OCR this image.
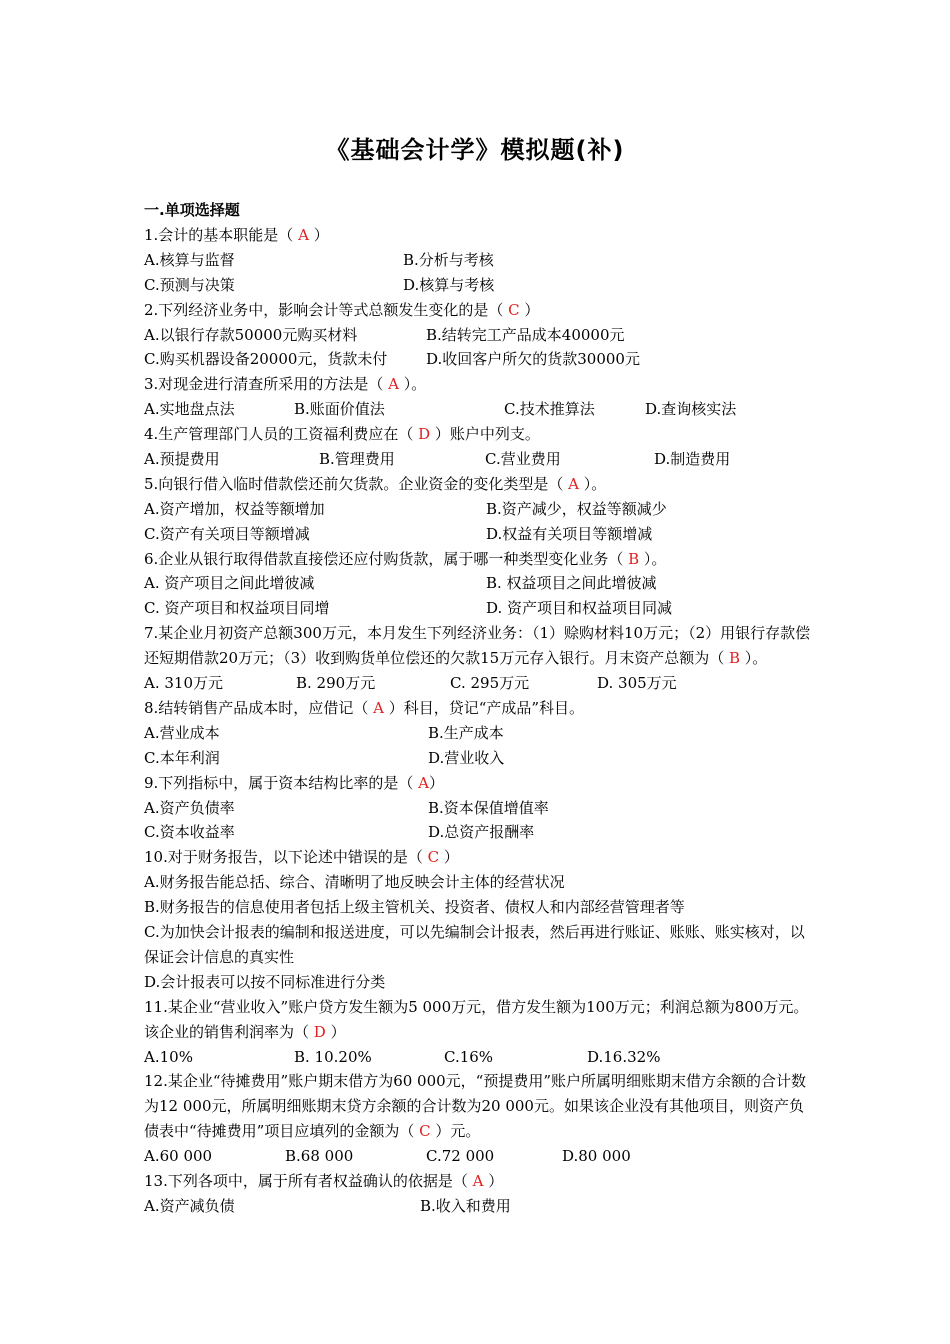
《基础会计学》模拟题(补)
一.单项选择题
1.会计的基本职能是（ A ）
A.核算与监督	B.分析与考核
C.预测与决策	D.核算与考核
2.下列经济业务中，影响会计等式总额发生变化的是（ C ）
A.以银行存款50000元购买材料	B.结转完工产品成本40000元
C.购买机器设备20000元，货款未付	D.收回客户所欠的货款30000元
3.对现金进行清查所采用的方法是（ A ）。
A.实地盘点法	B.账面价值法	C.技术推算法	D.查询核实法
4.生产管理部门人员的工资福利费应在（ D ）账户中列支。
A.预提费用	B.管理费用	C.营业费用	D.制造费用
5.向银行借入临时借款偿还前欠货款。企业资金的变化类型是（ A ）。
A.资产增加，权益等额增加	B.资产减少，权益等额减少
C.资产有关项目等额增减	D.权益有关项目等额增减
6.企业从银行取得借款直接偿还应付购货款，属于哪一种类型变化业务（ B ）。
A. 资产项目之间此增彼减	B. 权益项目之间此增彼减
C. 资产项目和权益项目同增	D. 资产项目和权益项目同减
7.某企业月初资产总额300万元，本月发生下列经济业务：（1）赊购材料10万元；（2）用银行存款偿还短期借款20万元；（3）收到购货单位偿还的欠款15万元存入银行。月末资产总额为（ B ）。
A. 310万元	B. 290万元	C. 295万元	D. 305万元
8.结转销售产品成本时，应借记（ A ）科目，贷记“产成品”科目。
A.营业成本	B.生产成本
C.本年利润	D.营业收入
9.下列指标中，属于资本结构比率的是（ A）
A.资产负债率	B.资本保值增值率
C.资本收益率	D.总资产报酬率
10.对于财务报告，以下论述中错误的是（ C ）
A.财务报告能总括、综合、清晰明了地反映会计主体的经营状况
B.财务报告的信息使用者包括上级主管机关、投资者、债权人和内部经营管理者等
C.为加快会计报表的编制和报送进度，可以先编制会计报表，然后再进行账证、账账、账实核对，以保证会计信息的真实性
D.会计报表可以按不同标准进行分类
11.某企业“营业收入”账户贷方发生额为5 000万元，借方发生额为100万元；利润总额为800万元。该企业的销售利润率为（ D ）
A.10%	B. 10.20%	C.16%	D.16.32%
12.某企业“待摊费用”账户期末借方为60 000元，“预提费用”账户所属明细账期末借方余额的合计数为12 000元，所属明细账期末贷方余额的合计数为20 000元。如果该企业没有其他项目，则资产负债表中“待摊费用”项目应填列的金额为（ C ）元。
A.60 000	B.68 000	C.72 000	D.80 000
13.下列各项中，属于所有者权益确认的依据是（ A ）
A.资产减负债	B.收入和费用
